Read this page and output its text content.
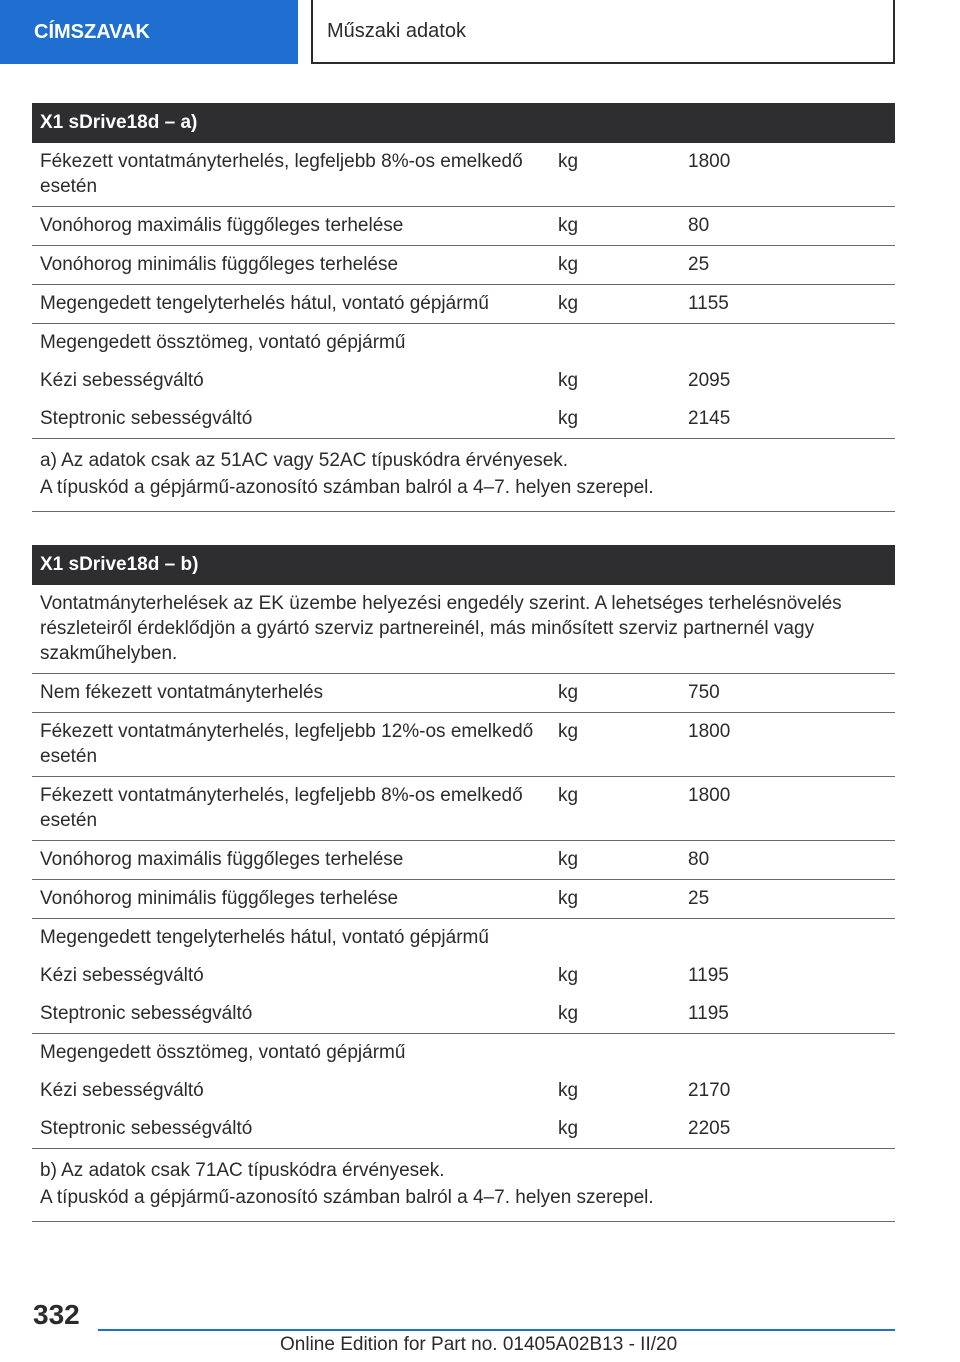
CÍMSZAVAK	Műszaki adatok
X1 sDrive18d – a)		
Fékezett vontatmányterhelés, legfeljebb 8%-os emelkedő esetén	kg	1800
Vonóhorog maximális függőleges terhelése	kg	80
Vonóhorog minimális függőleges terhelése	kg	25
Megengedett tengelyterhelés hátul, vontató gépjármű	kg	1155
Megengedett össztömeg, vontató gépjármű		
Kézi sebességváltó	kg	2095
Steptronic sebességváltó	kg	2145

a) Az adatok csak az 51AC vagy 52AC típuskódra érvényesek.
A típuskód a gépjármű-azonosító számban balról a 4–7. helyen szerepel.		
X1 sDrive18d – b)		
Vontatmányterhelések az EK üzembe helyezési engedély szerint. A lehetséges terhelésnövelés részleteiről érdeklődjön a gyártó szerviz partnereinél, más minősített szerviz partnernél vagy szakműhelyben.		
Nem fékezett vontatmányterhelés	kg	750
Fékezett vontatmányterhelés, legfeljebb 12%-os emelkedő esetén	kg	1800
Fékezett vontatmányterhelés, legfeljebb 8%-os emelkedő esetén	kg	1800
Vonóhorog maximális függőleges terhelése	kg	80
Vonóhorog minimális függőleges terhelése	kg	25
Megengedett tengelyterhelés hátul, vontató gépjármű		
Kézi sebességváltó	kg	1195
Steptronic sebességváltó	kg	1195
Megengedett össztömeg, vontató gépjármű		
Kézi sebességváltó	kg	2170
Steptronic sebességváltó	kg	2205

b) Az adatok csak 71AC típuskódra érvényesek.
A típuskód a gépjármű-azonosító számban balról a 4–7. helyen szerepel.		
332
Online Edition for Part no. 01405A02B13 - II/20
